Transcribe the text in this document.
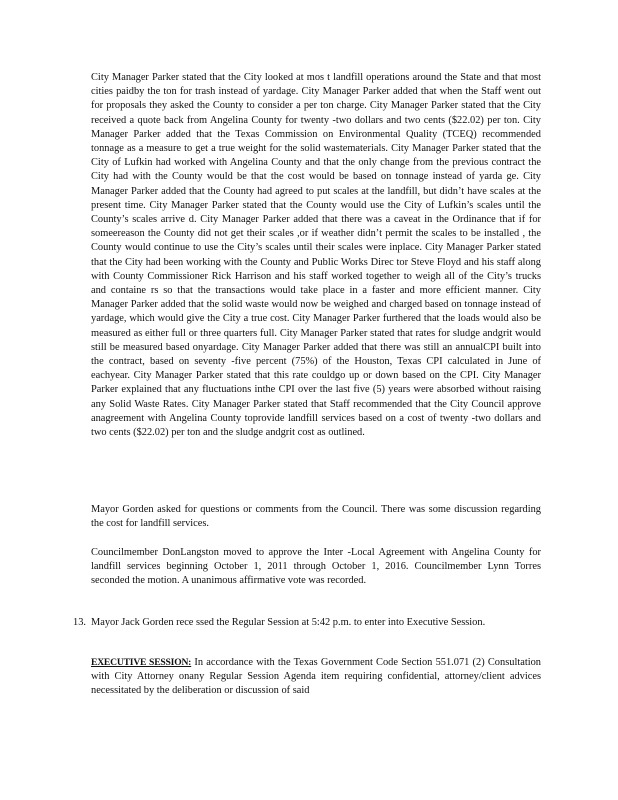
City Manager Parker stated that the City looked at mos t landfill operations around the State and that most cities paidby the ton for trash instead of yardage. City Manager Parker added that when the Staff went out for proposals they asked the County to consider a per ton charge. City Manager Parker stated that the City received a quote back from Angelina County for twenty -two dollars and two cents ($22.02) per ton. City Manager Parker added that the Texas Commission on Environmental Quality (TCEQ) recommended tonnage as a measure to get a true weight for the solid wastematerials. City Manager Parker stated that the City of Lufkin had worked with Angelina County and that the only change from the previous contract the City had with the County would be that the cost would be based on tonnage instead of yarda ge. City Manager Parker added that the County had agreed to put scales at the landfill, but didn’t have scales at the present time. City Manager Parker stated that the County would use the City of Lufkin’s scales until the County’s scales arrive d. City Manager Parker added that there was a caveat in the Ordinance that if for someereason the County did not get their scales ,or if weather didn’t permit the scales to be installed , the County would continue to use the City’s scales until their scales were inplace. City Manager Parker stated that the City had been working with the County and Public Works Direc tor Steve Floyd and his staff along with County Commissioner Rick Harrison and his staff worked together to weigh all of the City’s trucks and containe rs so that the transactions would take place in a faster and more efficient manner. City Manager Parker added that the solid waste would now be weighed and charged based on tonnage instead of yardage, which would give the City a true cost. City Manager Parker furthered that the loads would also be measured as either full or three quarters full. City Manager Parker stated that rates for sludge andgrit would still be measured based onyardage. City Manager Parker added that there was still an annualCPI built into the contract, based on seventy -five percent (75%) of the Houston, Texas CPI calculated in June of eachyear. City Manager Parker stated that this rate couldgo up or down based on the CPI. City Manager Parker explained that any fluctuations inthe CPI over the last five (5) years were absorbed without raising any Solid Waste Rates. City Manager Parker stated that Staff recommended that the City Council approve anagreement with Angelina County toprovide landfill services based on a cost of twenty -two dollars and two cents ($22.02) per ton and the sludge andgrit cost as outlined.

Mayor Gorden asked for questions or comments from the Council. There was some discussion regarding the cost for landfill services.

Councilmember DonLangston moved to approve the Inter -Local Agreement with Angelina County for landfill services beginning October 1, 2011 through October 1, 2016. Councilmember Lynn Torres seconded the motion. A unanimous affirmative vote was recorded.

13. Mayor Jack Gorden rece ssed the Regular Session at 5:42 p.m. to enter into Executive Session.

EXECUTIVE SESSION: In accordance with the Texas Government Code Section 551.071 (2) Consultation with City Attorney onany Regular Session Agenda item requiring confidential, attorney/client advices necessitated by the deliberation or discussion of said
